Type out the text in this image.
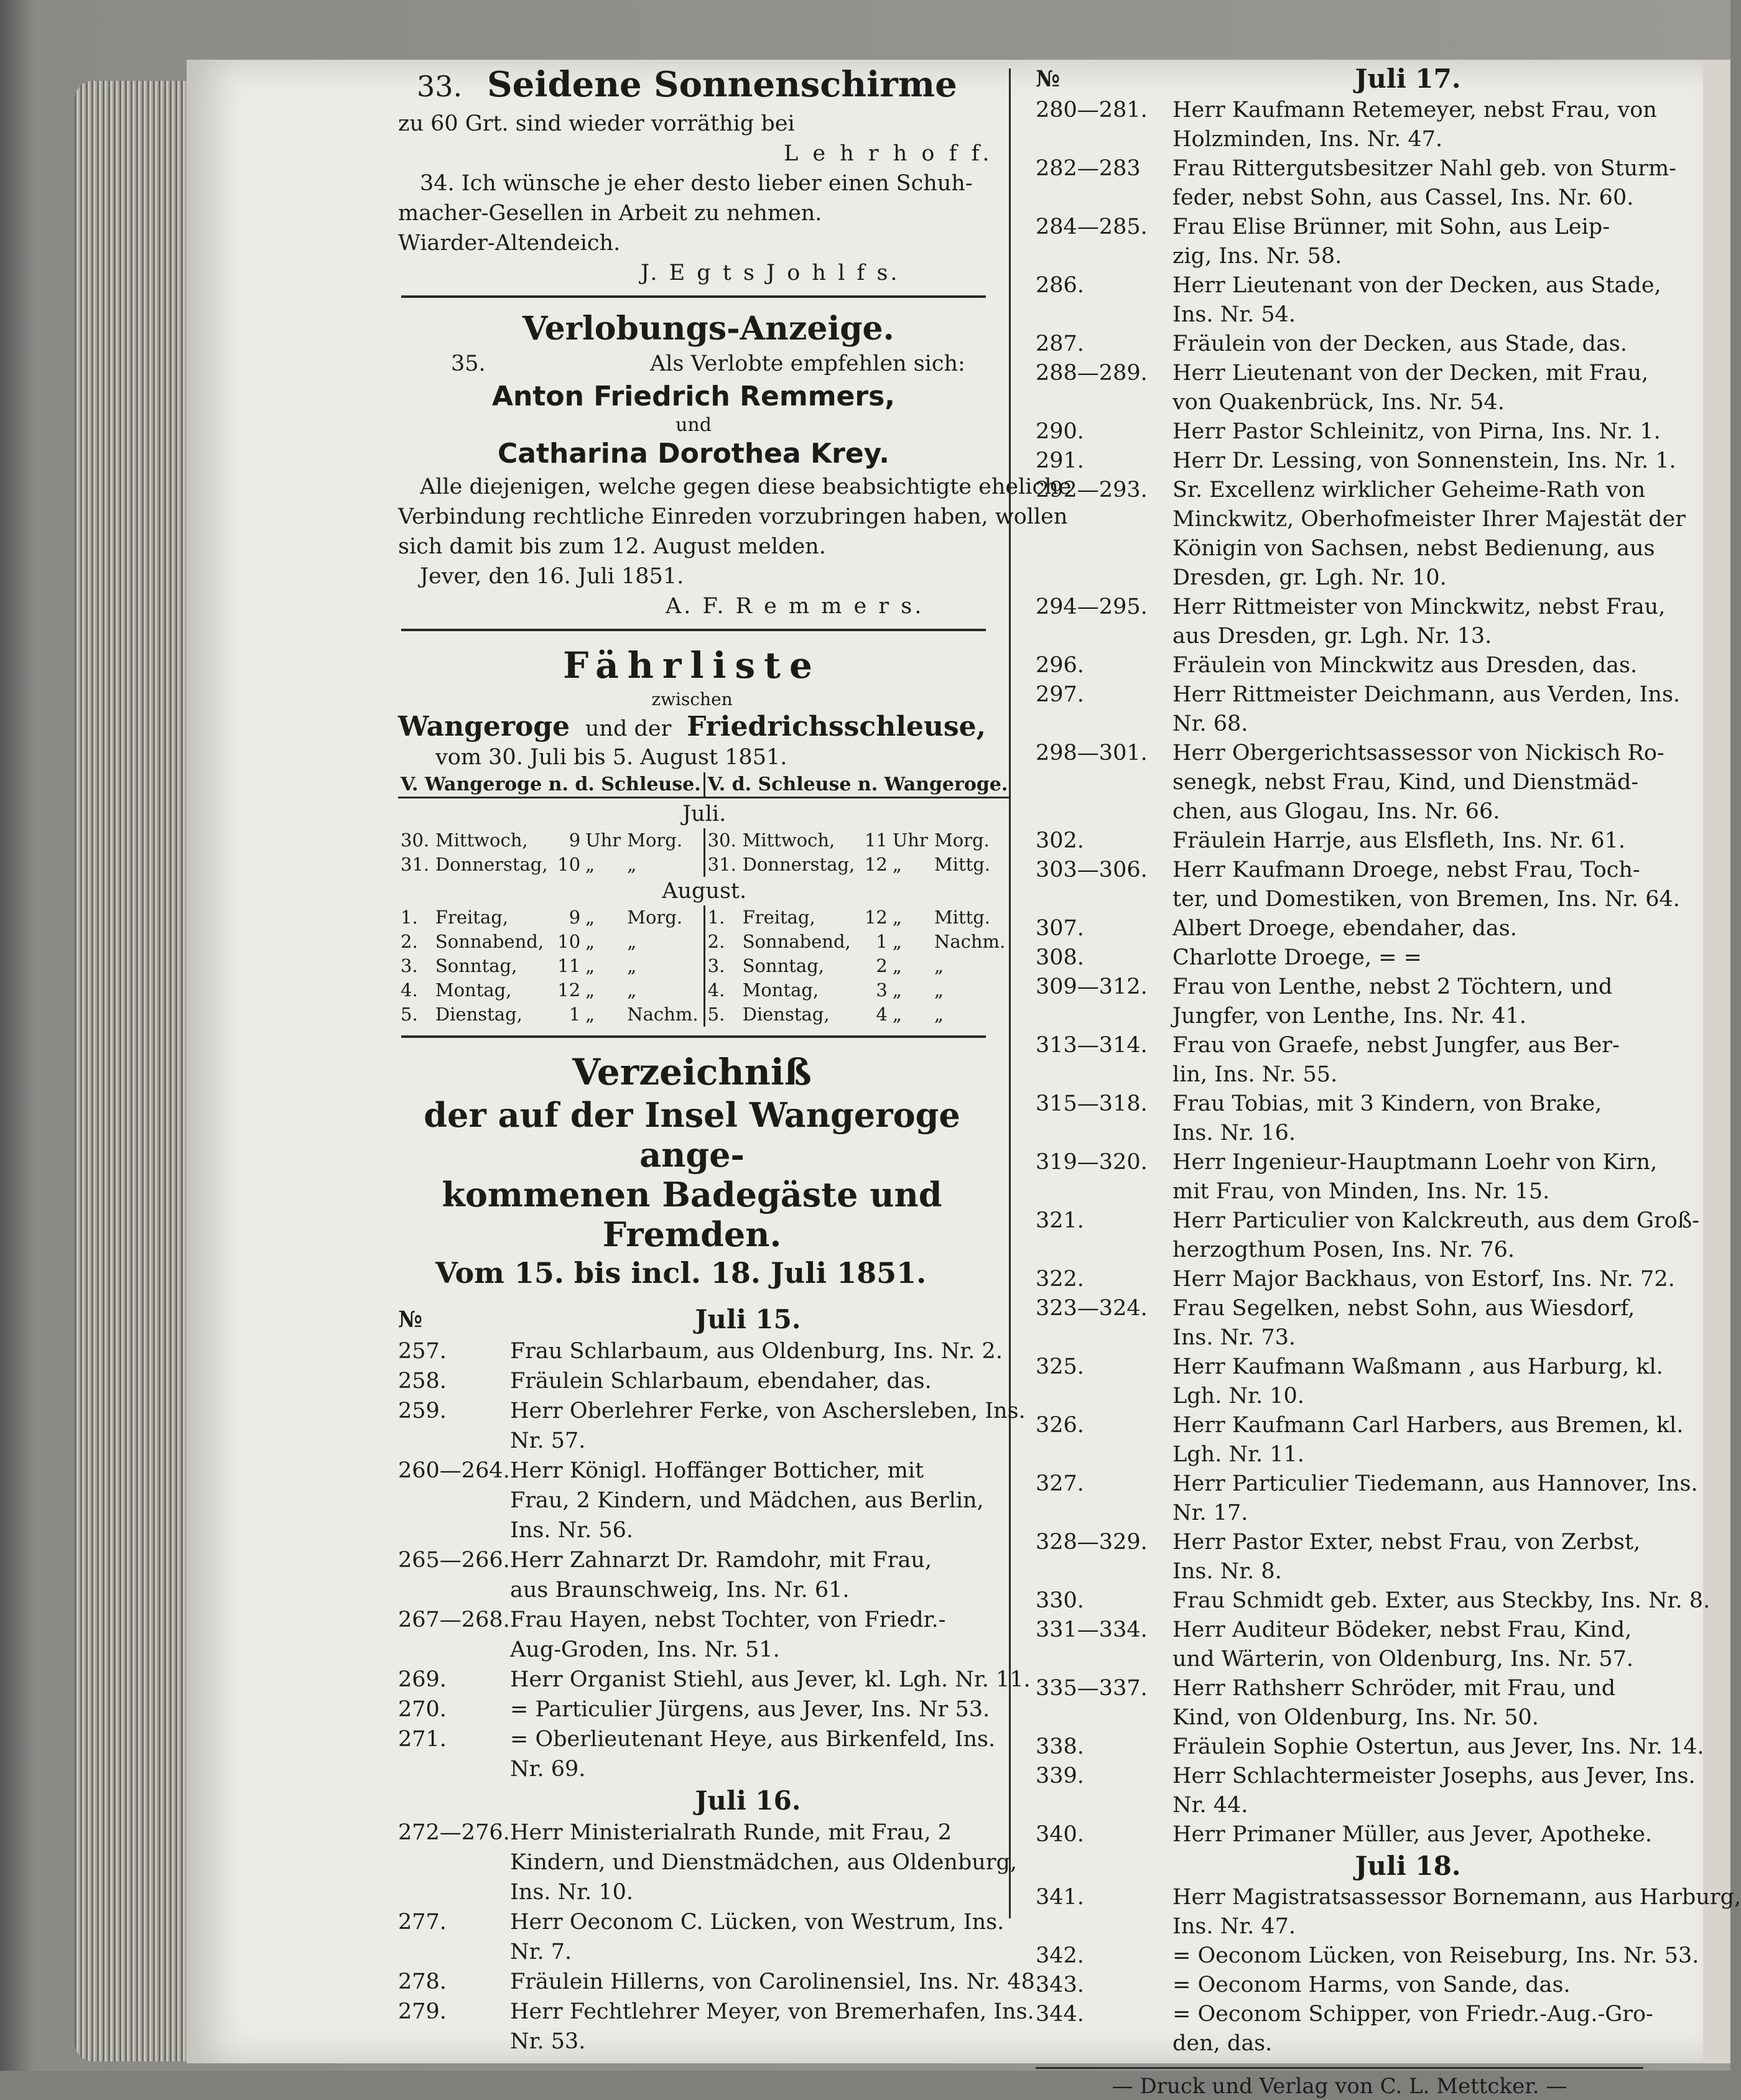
33. Seidene Sonnenschirme
zu 60 Grt. sind wieder vorräthig bei
L e h r h o f f.
34. Ich wünsche je eher desto lieber einen Schuh-
macher-Gesellen in Arbeit zu nehmen.
Wiarder-Altendeich.
J. E g t s J o h l f s.
Verlobungs-Anzeige.
35.	Als Verlobte empfehlen sich:
Anton Friedrich Remmers,
und
Catharina Dorothea Krey.
Alle diejenigen, welche gegen diese beabsichtigte eheliche
Verbindung rechtliche Einreden vorzubringen haben, wollen
sich damit bis zum 12. August melden.
Jever, den 16. Juli 1851.
A. F. R e m m e r s.
Fährliste
zwischen
Wangeroge und der Friedrichsschleuse,
vom 30. Juli bis 5. August 1851.
V. Wangeroge n. d. Schleuse.						V. d. Schleuse n. Wangeroge.				

Juli.										
30.	Mittwoch,	9	Uhr	Morg.		30.	Mittwoch,	11	Uhr	Morg.
31.	Donnerstag,	10	„	„		31.	Donnerstag,	12	„	Mittg.
August.										
1.	Freitag,	9	„	Morg.		1.	Freitag,	12	„	Mittg.
2.	Sonnabend,	10	„	„		2.	Sonnabend,	1	„	Nachm.
3.	Sonntag,	11	„	„		3.	Sonntag,	2	„	„
4.	Montag,	12	„	„		4.	Montag,	3	„	„
5.	Dienstag,	1	„	Nachm.		5.	Dienstag,	4	„	„
Verzeichniß
der auf der Insel Wangeroge ange-
kommenen Badegäste und Fremden.
Vom 15. bis incl. 18. Juli 1851.
№	Juli 15.
257.	Frau Schlarbaum, aus Oldenburg, Ins. Nr. 2.
258.	Fräulein Schlarbaum, ebendaher, das.
259.	Herr Oberlehrer Ferke, von Aschersleben, Ins.
Nr. 57.
260—264. Herr Königl. Hoffänger Botticher, mit
Frau, 2 Kindern, und Mädchen, aus Berlin,
Ins. Nr. 56.
265—266. Herr Zahnarzt Dr. Ramdohr, mit Frau,
aus Braunschweig, Ins. Nr. 61.
267—268. Frau Hayen, nebst Tochter, von Friedr.-
Aug-Groden, Ins. Nr. 51.
269.	Herr Organist Stiehl, aus Jever, kl. Lgh. Nr. 11.
270.	= Particulier Jürgens, aus Jever, Ins. Nr 53.
271.	= Oberlieutenant Heye, aus Birkenfeld, Ins.
Nr. 69.
Juli 16.
272—276. Herr Ministerialrath Runde, mit Frau, 2
Kindern, und Dienstmädchen, aus Oldenburg,
Ins. Nr. 10.
277.	Herr Oeconom C. Lücken, von Westrum, Ins.
Nr. 7.
278.	Fräulein Hillerns, von Carolinensiel, Ins. Nr. 48.
279.	Herr Fechtlehrer Meyer, von Bremerhafen, Ins.
Nr. 53.
№	Juli 17.
280—281.	Herr Kaufmann Retemeyer, nebst Frau, von
Holzminden, Ins. Nr. 47.
282—283	Frau Rittergutsbesitzer Nahl geb. von Sturm-
feder, nebst Sohn, aus Cassel, Ins. Nr. 60.
284—285.	Frau Elise Brünner, mit Sohn, aus Leip-
zig, Ins. Nr. 58.
286.	Herr Lieutenant von der Decken, aus Stade,
Ins. Nr. 54.
287.	Fräulein von der Decken, aus Stade, das.
288—289.	Herr Lieutenant von der Decken, mit Frau,
von Quakenbrück, Ins. Nr. 54.
290.	Herr Pastor Schleinitz, von Pirna, Ins. Nr. 1.
291.	Herr Dr. Lessing, von Sonnenstein, Ins. Nr. 1.
292—293.	Sr. Excellenz wirklicher Geheime-Rath von
Minckwitz, Oberhofmeister Ihrer Majestät der
Königin von Sachsen, nebst Bedienung, aus
Dresden, gr. Lgh. Nr. 10.
294—295.	Herr Rittmeister von Minckwitz, nebst Frau,
aus Dresden, gr. Lgh. Nr. 13.
296.	Fräulein von Minckwitz aus Dresden, das.
297.	Herr Rittmeister Deichmann, aus Verden, Ins.
Nr. 68.
298—301.	Herr Obergerichtsassessor von Nickisch Ro-
senegk, nebst Frau, Kind, und Dienstmäd-
chen, aus Glogau, Ins. Nr. 66.
302.	Fräulein Harrje, aus Elsfleth, Ins. Nr. 61.
303—306.	Herr Kaufmann Droege, nebst Frau, Toch-
ter, und Domestiken, von Bremen, Ins. Nr. 64.
307.	Albert Droege, ebendaher, das.
308.	Charlotte Droege, = =
309—312.	Frau von Lenthe, nebst 2 Töchtern, und
Jungfer, von Lenthe, Ins. Nr. 41.
313—314.	Frau von Graefe, nebst Jungfer, aus Ber-
lin, Ins. Nr. 55.
315—318.	Frau Tobias, mit 3 Kindern, von Brake,
Ins. Nr. 16.
319—320.	Herr Ingenieur-Hauptmann Loehr von Kirn,
mit Frau, von Minden, Ins. Nr. 15.
321.	Herr Particulier von Kalckreuth, aus dem Groß-
herzogthum Posen, Ins. Nr. 76.
322.	Herr Major Backhaus, von Estorf, Ins. Nr. 72.
323—324.	Frau Segelken, nebst Sohn, aus Wiesdorf,
Ins. Nr. 73.
325.	Herr Kaufmann Waßmann , aus Harburg, kl.
Lgh. Nr. 10.
326.	Herr Kaufmann Carl Harbers, aus Bremen, kl.
Lgh. Nr. 11.
327.	Herr Particulier Tiedemann, aus Hannover, Ins.
Nr. 17.
328—329.	Herr Pastor Exter, nebst Frau, von Zerbst,
Ins. Nr. 8.
330.	Frau Schmidt geb. Exter, aus Steckby, Ins. Nr. 8.
331—334.	Herr Auditeur Bödeker, nebst Frau, Kind,
und Wärterin, von Oldenburg, Ins. Nr. 57.
335—337.	Herr Rathsherr Schröder, mit Frau, und
Kind, von Oldenburg, Ins. Nr. 50.
338.	Fräulein Sophie Ostertun, aus Jever, Ins. Nr. 14.
339.	Herr Schlachtermeister Josephs, aus Jever, Ins.
Nr. 44.
340.	Herr Primaner Müller, aus Jever, Apotheke.
Juli 18.
341.	Herr Magistratsassessor Bornemann, aus Harburg,
Ins. Nr. 47.
342.	= Oeconom Lücken, von Reiseburg, Ins. Nr. 53.
343.	= Oeconom Harms, von Sande, das.
344.	= Oeconom Schipper, von Friedr.-Aug.-Gro-
den, das.
— Druck und Verlag von C. L. Mettcker. —
